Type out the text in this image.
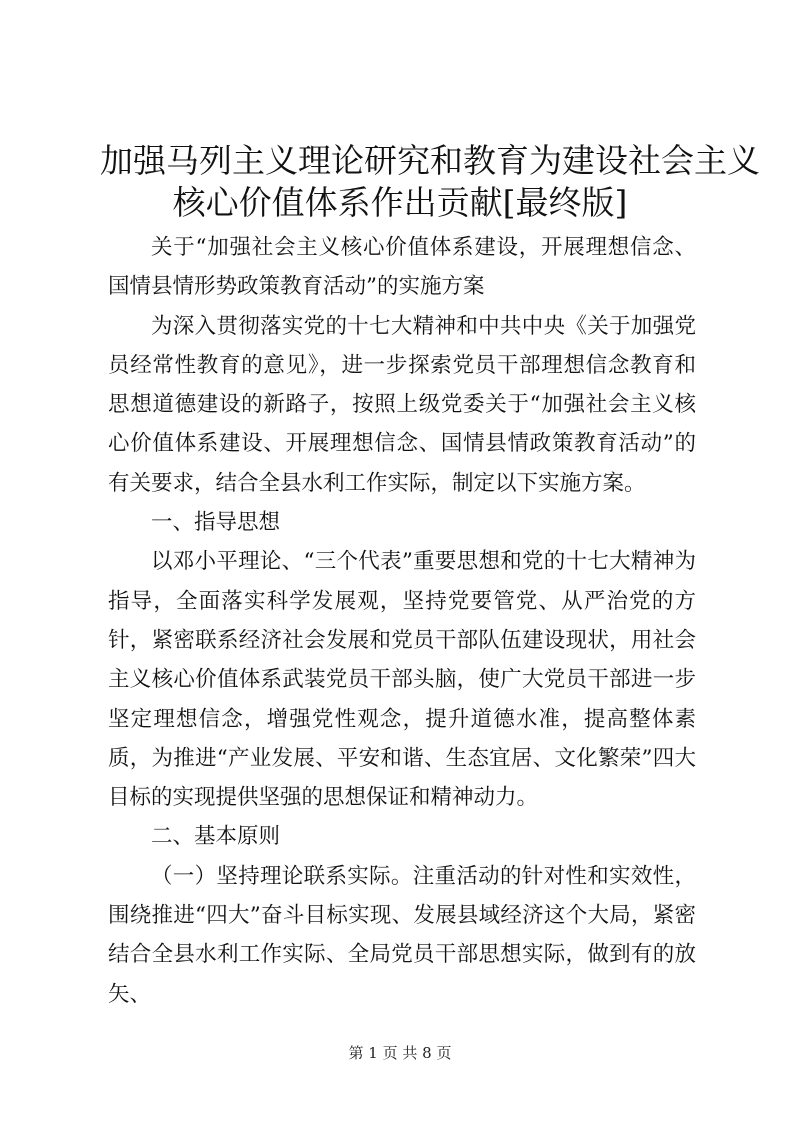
加强马列主义理论研究和教育为建设社会主义
核心价值体系作出贡献[最终版]

关于“加强社会主义核心价值体系建设，开展理想信念、国情县情形势政策教育活动”的实施方案

为深入贯彻落实党的十七大精神和中共中央《关于加强党员经常性教育的意见》，进一步探索党员干部理想信念教育和思想道德建设的新路子，按照上级党委关于“加强社会主义核心价值体系建设、开展理想信念、国情县情政策教育活动”的有关要求，结合全县水利工作实际，制定以下实施方案。

一、指导思想

以邓小平理论、“三个代表”重要思想和党的十七大精神为指导，全面落实科学发展观，坚持党要管党、从严治党的方针，紧密联系经济社会发展和党员干部队伍建设现状，用社会主义核心价值体系武装党员干部头脑，使广大党员干部进一步坚定理想信念，增强党性观念，提升道德水准，提高整体素质，为推进“产业发展、平安和谐、生态宜居、文化繁荣”四大目标的实现提供坚强的思想保证和精神动力。

二、基本原则

（一）坚持理论联系实际。注重活动的针对性和实效性，围绕推进“四大”奋斗目标实现、发展县域经济这个大局，紧密结合全县水利工作实际、全局党员干部思想实际，做到有的放矢、

第 1 页 共 8 页
